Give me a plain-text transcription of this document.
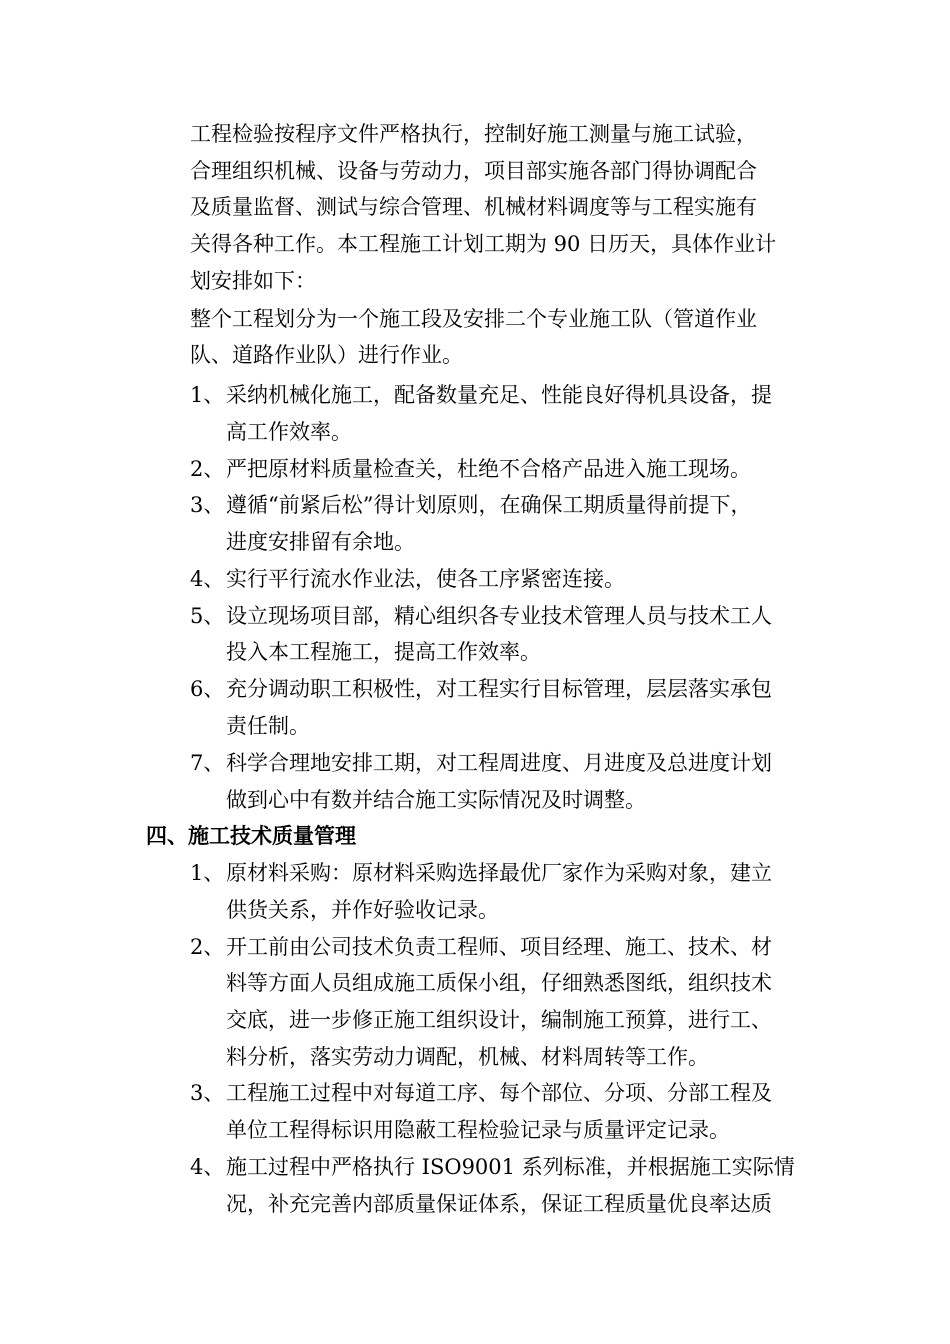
工程检验按程序文件严格执行，控制好施工测量与施工试验，
合理组织机械、设备与劳动力，项目部实施各部门得协调配合
及质量监督、测试与综合管理、机械材料调度等与工程实施有
关得各种工作。本工程施工计划工期为 90 日历天，具体作业计
划安排如下：
整个工程划分为一个施工段及安排二个专业施工队（管道作业
队、道路作业队）进行作业。
1、 采纳机械化施工，配备数量充足、性能良好得机具设备，提
高工作效率。
2、 严把原材料质量检查关，杜绝不合格产品进入施工现场。
3、 遵循“前紧后松”得计划原则，在确保工期质量得前提下，
进度安排留有余地。
4、 实行平行流水作业法，使各工序紧密连接。
5、 设立现场项目部，精心组织各专业技术管理人员与技术工人
投入本工程施工，提高工作效率。
6、 充分调动职工积极性，对工程实行目标管理，层层落实承包
责任制。
7、 科学合理地安排工期，对工程周进度、月进度及总进度计划
做到心中有数并结合施工实际情况及时调整。
四、施工技术质量管理
1、 原材料采购：原材料采购选择最优厂家作为采购对象，建立
供货关系，并作好验收记录。
2、 开工前由公司技术负责工程师、项目经理、施工、技术、材
料等方面人员组成施工质保小组，仔细熟悉图纸，组织技术
交底，进一步修正施工组织设计，编制施工预算，进行工、
料分析，落实劳动力调配，机械、材料周转等工作。
3、 工程施工过程中对每道工序、每个部位、分项、分部工程及
单位工程得标识用隐蔽工程检验记录与质量评定记录。
4、 施工过程中严格执行 ISO9001 系列标准，并根据施工实际情
况，补充完善内部质量保证体系，保证工程质量优良率达质
